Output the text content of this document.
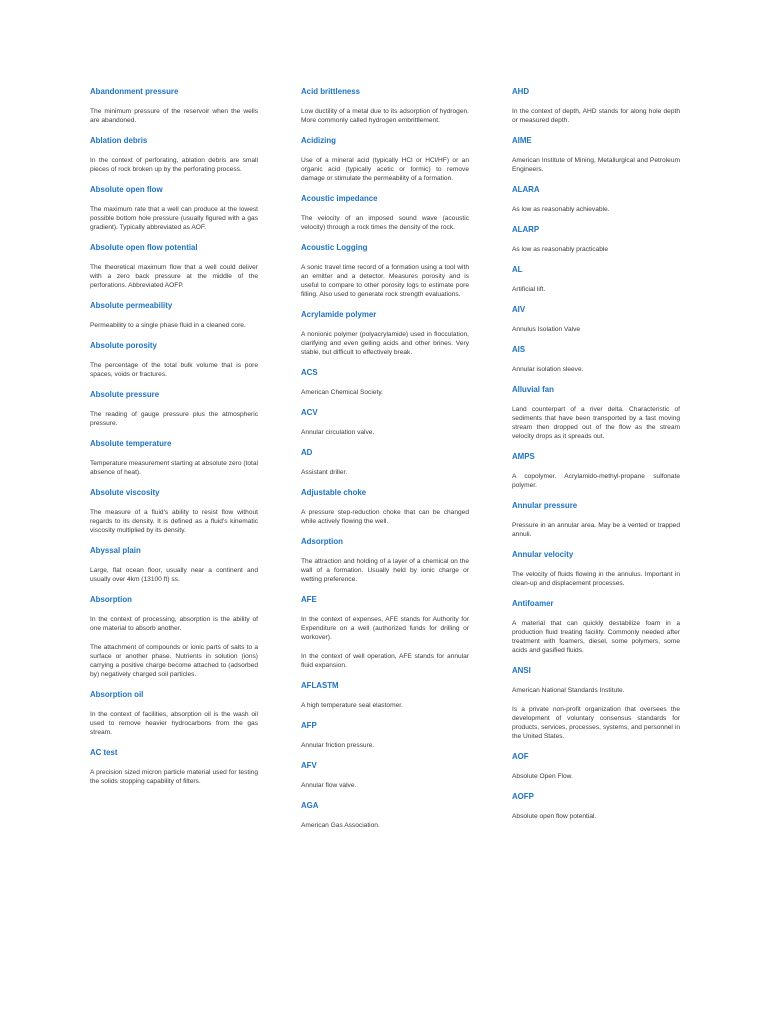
Abandonment pressure

The minimum pressure of the reservoir when the wells are abandoned.

Ablation debris

In the context of perforating, ablation debris are small pieces of rock broken up by the perforating process.

Absolute open flow

The maximum rate that a well can produce at the lowest possible bottom hole pressure (usually figured with a gas gradient). Typically abbreviated as AOF.

Absolute open flow potential

The theoretical maximum flow that a well could deliver with a zero back pressure at the middle of the perforations. Abbreviated AOFP.

Absolute permeability

Permeability to a single phase fluid in a cleaned core.

Absolute porosity

The percentage of the total bulk volume that is pore spaces, voids or fractures.

Absolute pressure

The reading of gauge pressure plus the atmospheric pressure.

Absolute temperature

Temperature measurement starting at absolute zero (total absence of heat).

Absolute viscosity

The measure of a fluid's ability to resist flow without regards to its density. It is defined as a fluid's kinematic viscosity multiplied by its density.

Abyssal plain

Large, flat ocean floor, usually near a continent and usually over 4km (13100 ft) ss.

Absorption

In the context of processing, absorption is the ability of one material to absorb another.

The attachment of compounds or ionic parts of salts to a surface or another phase. Nutrients in solution (ions) carrying a positive charge become attached to (adsorbed by) negatively charged soil particles.

Absorption oil

In the context of facilities, absorption oil is the wash oil used to remove heavier hydrocarbons from the gas stream.

AC test

A precision sized micron particle material used for testing the solids stopping capability of filters.

Acid brittleness

Low ductility of a metal due to its adsorption of hydrogen. More commonly called hydrogen embrittlement.

Acidizing

Use of a mineral acid (typically HCl or HCl/HF) or an organic acid (typically acetic or formic) to remove damage or stimulate the permeability of a formation.

Acoustic impedance

The velocity of an imposed sound wave (acoustic velocity) through a rock times the density of the rock.

Acoustic Logging

A sonic travel time record of a formation using a tool with an emitter and a detector. Measures porosity and is useful to compare to other porosity logs to estimate pore filling. Also used to generate rock strength evaluations.

Acrylamide polymer

A nonionic polymer (polyacrylamide) used in flocculation, clarifying and even gelling acids and other brines. Very stable, but difficult to effectively break.

ACS

American Chemical Society.

ACV

Annular circulation valve.

AD

Assistant driller.

Adjustable choke

A pressure step-reduction choke that can be changed while actively flowing the well.

Adsorption

The attraction and holding of a layer of a chemical on the wall of a formation. Usually held by ionic charge or wetting preference.

AFE

In the context of expenses, AFE stands for Authority for Expenditure on a well (authorized funds for drilling or workover).

In the context of well operation, AFE stands for annular fluid expansion.

AFLASTM

A high temperature seal elastomer.

AFP

Annular friction pressure.

AFV

Annular flow valve.

AGA

American Gas Association.

AHD

In the context of depth, AHD stands for along hole depth or measured depth.

AIME

American Institute of Mining, Metallurgical and Petroleum Engineers.

ALARA

As low as reasonably achievable.

ALARP

As low as reasonably practicable

AL

Artificial lift.

AIV

Annulus Isolation Valve

AIS

Annular isolation sleeve.

Alluvial fan

Land counterpart of a river delta. Characteristic of sediments that have been transported by a fast moving stream then dropped out of the flow as the stream velocity drops as it spreads out.

AMPS

A copolymer. Acrylamido-methyl-propane sulfonate polymer.

Annular pressure

Pressure in an annular area. May be a vented or trapped annuli.

Annular velocity

The velocity of fluids flowing in the annulus. Important in clean-up and displacement processes.

Antifoamer

A material that can quickly destabilize foam in a production fluid treating facility. Commonly needed after treatment with foamers, diesel, some polymers, some acids and gasified fluids.

ANSI

American National Standards Institute.

Is a private non-profit organization that oversees the development of voluntary consensus standards for products, services, processes, systems, and personnel in the United States.

AOF

Absolute Open Flow.

AOFP

Absolute open flow potential.
